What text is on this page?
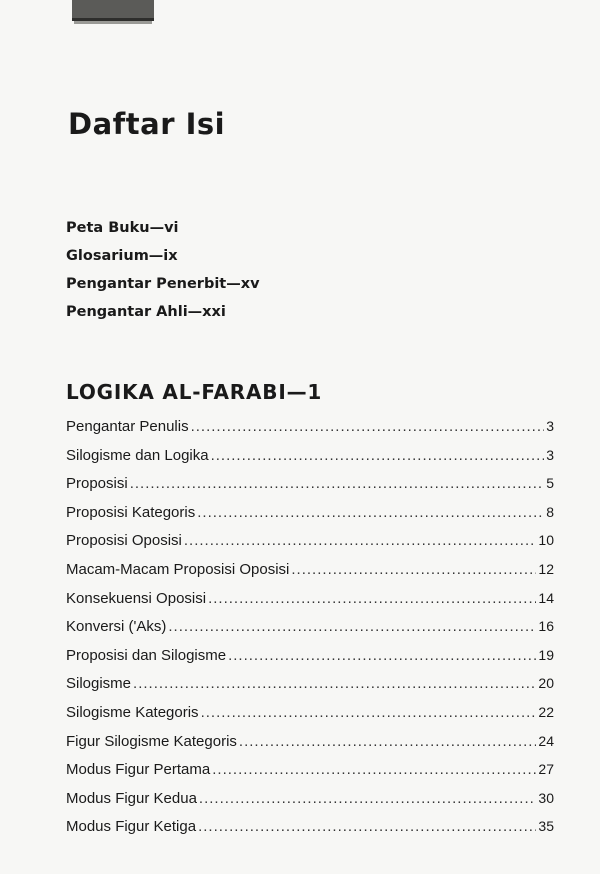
Daftar Isi
Peta Buku—vi
Glosarium—ix
Pengantar Penerbit—xv
Pengantar Ahli—xxi
LOGIKA AL-FARABI—1
Pengantar Penulis .....	3
Silogisme dan Logika .....	3
Proposisi .....	5
Proposisi Kategoris .....	8
Proposisi Oposisi .....	10
Macam-Macam Proposisi Oposisi .....	12
Konsekuensi Oposisi .....	14
Konversi ('Aks) .....	16
Proposisi dan Silogisme .....	19
Silogisme .....	20
Silogisme Kategoris .....	22
Figur Silogisme Kategoris .....	24
Modus Figur Pertama .....	27
Modus Figur Kedua .....	30
Modus Figur Ketiga .....	35
